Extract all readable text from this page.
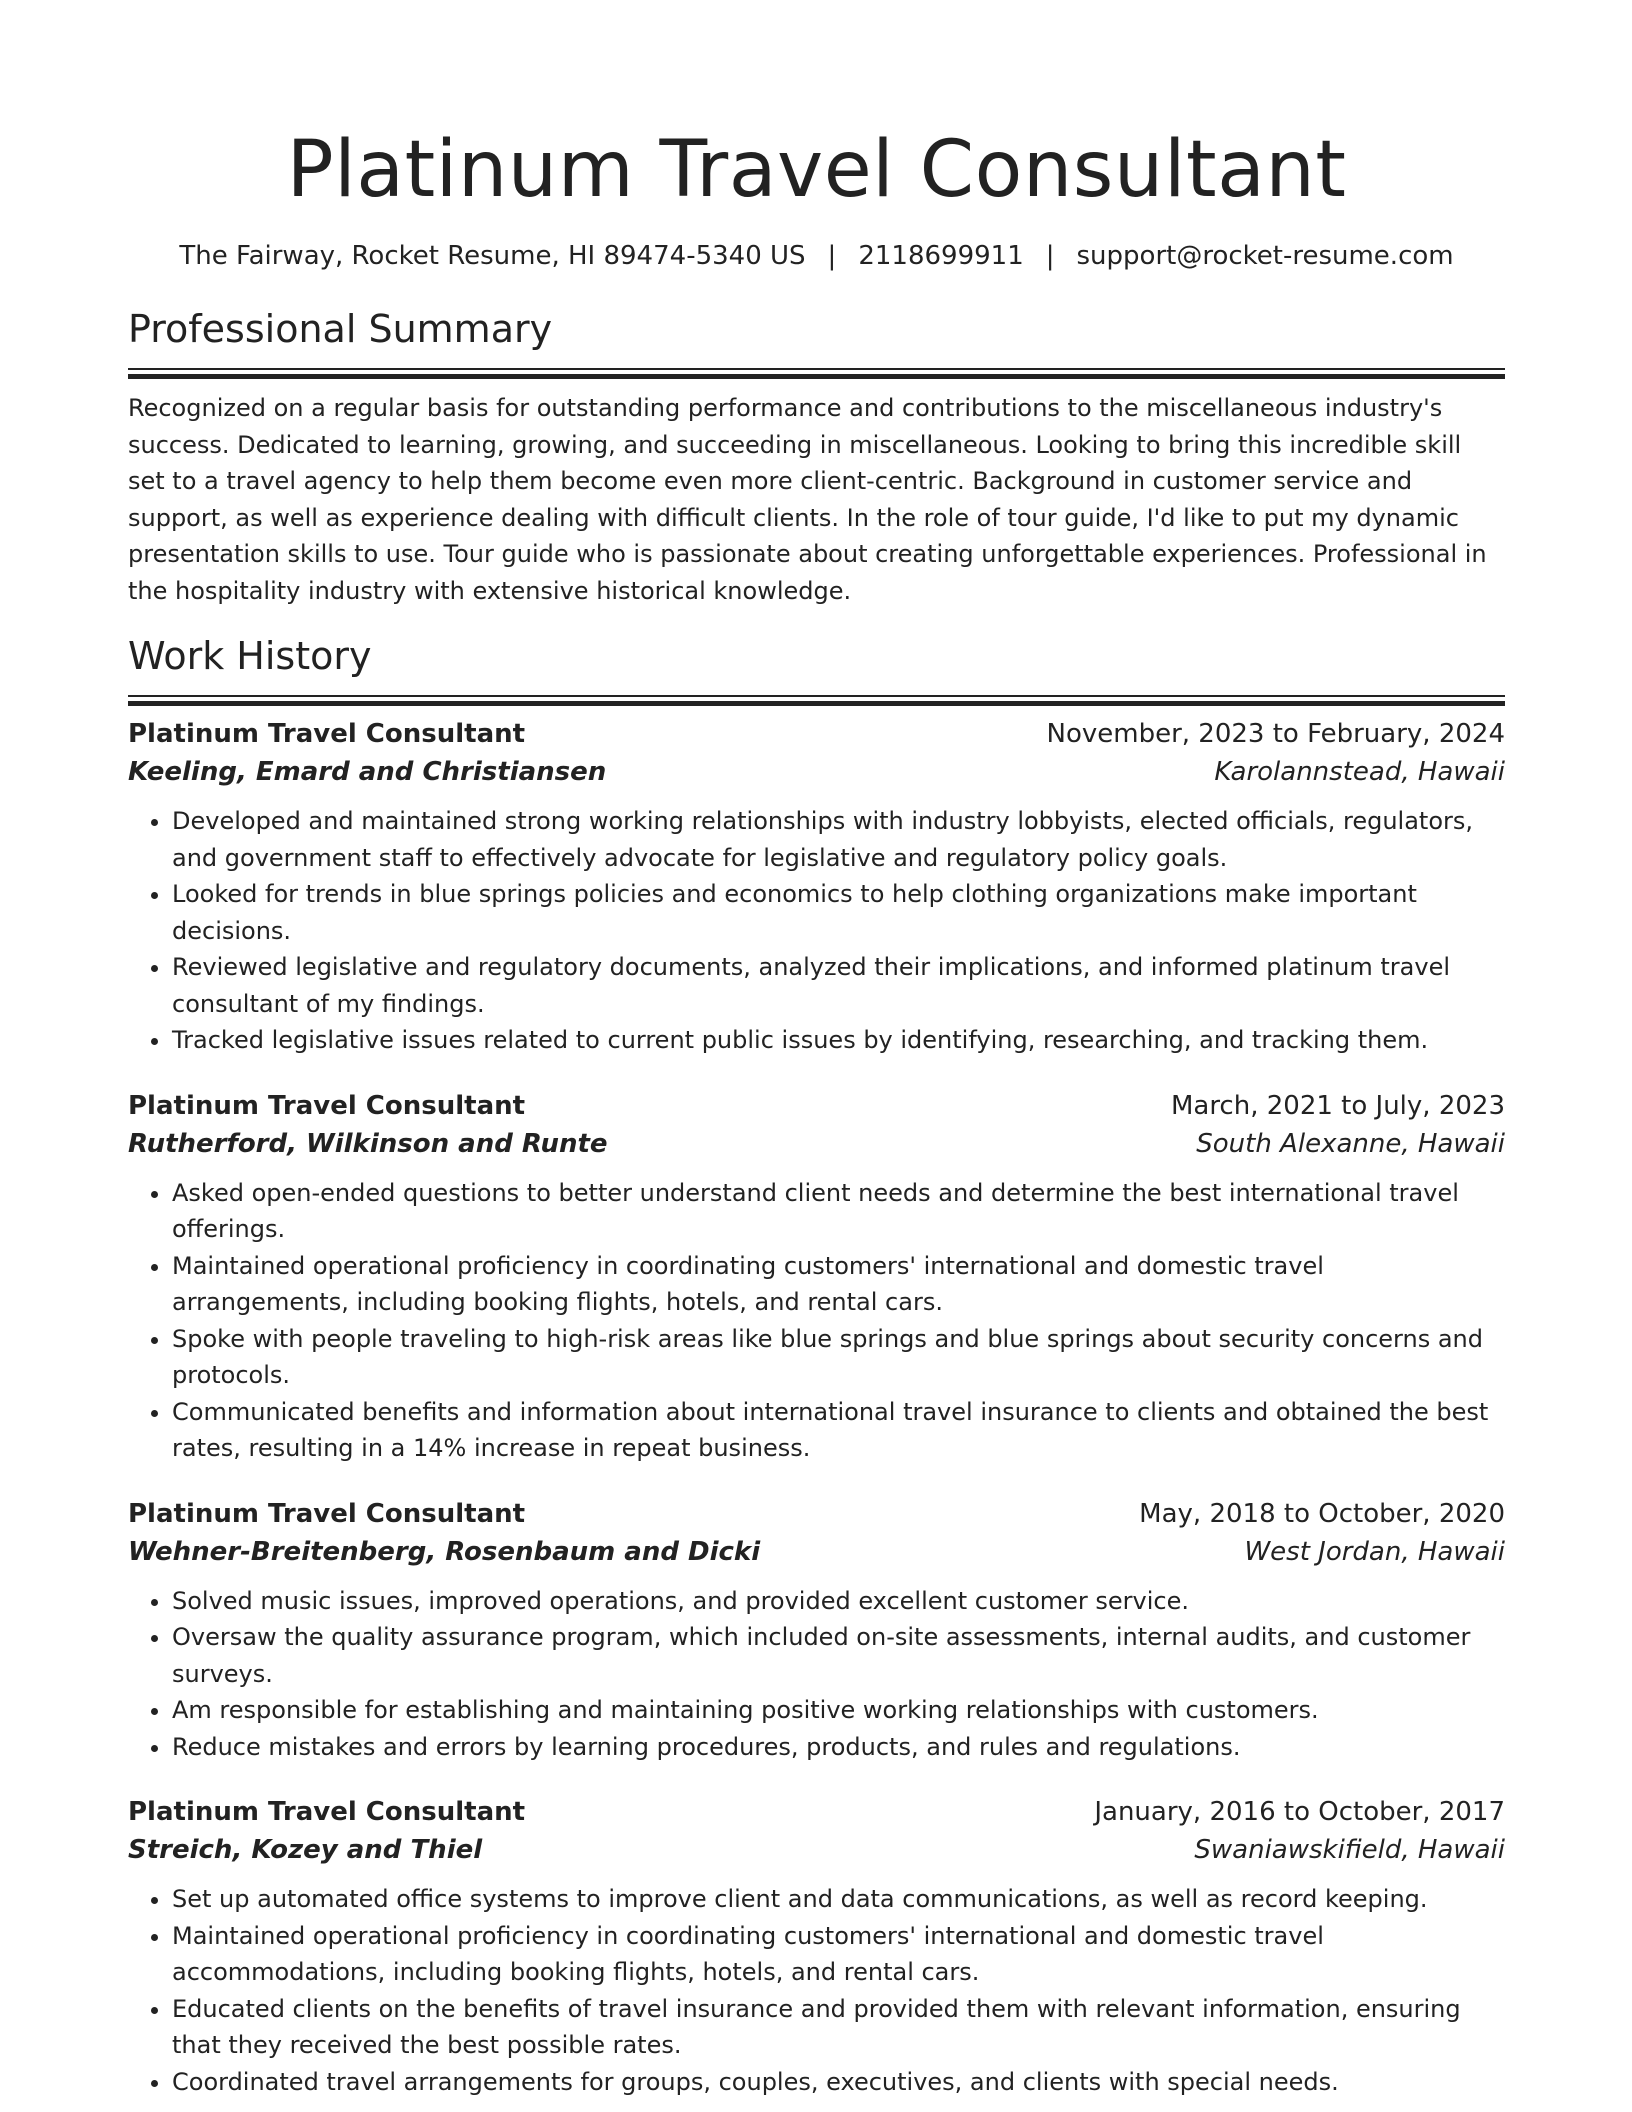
Platinum Travel Consultant
The Fairway, Rocket Resume, HI 89474-5340 US | 2118699911 | support@rocket-resume.com
Professional Summary

Recognized on a regular basis for outstanding performance and contributions to the miscellaneous industry's success. Dedicated to learning, growing, and succeeding in miscellaneous. Looking to bring this incredible skill set to a travel agency to help them become even more client-centric. Background in customer service and support, as well as experience dealing with difficult clients. In the role of tour guide, I'd like to put my dynamic presentation skills to use. Tour guide who is passionate about creating unforgettable experiences. Professional in the hospitality industry with extensive historical knowledge.

Work History
Platinum Travel Consultant	November, 2023 to February, 2024
Keeling, Emard and Christiansen	Karolannstead, Hawaii
• Developed and maintained strong working relationships with industry lobbyists, elected officials, regulators, and government staff to effectively advocate for legislative and regulatory policy goals.
• Looked for trends in blue springs policies and economics to help clothing organizations make important decisions.
• Reviewed legislative and regulatory documents, analyzed their implications, and informed platinum travel consultant of my findings.
• Tracked legislative issues related to current public issues by identifying, researching, and tracking them.
Platinum Travel Consultant	March, 2021 to July, 2023
Rutherford, Wilkinson and Runte	South Alexanne, Hawaii
• Asked open-ended questions to better understand client needs and determine the best international travel offerings.
• Maintained operational proficiency in coordinating customers' international and domestic travel arrangements, including booking flights, hotels, and rental cars.
• Spoke with people traveling to high-risk areas like blue springs and blue springs about security concerns and protocols.
• Communicated benefits and information about international travel insurance to clients and obtained the best rates, resulting in a 14% increase in repeat business.
Platinum Travel Consultant	May, 2018 to October, 2020
Wehner-Breitenberg, Rosenbaum and Dicki	West Jordan, Hawaii
• Solved music issues, improved operations, and provided excellent customer service.
• Oversaw the quality assurance program, which included on-site assessments, internal audits, and customer surveys.
• Am responsible for establishing and maintaining positive working relationships with customers.
• Reduce mistakes and errors by learning procedures, products, and rules and regulations.
Platinum Travel Consultant	January, 2016 to October, 2017
Streich, Kozey and Thiel	Swaniawskifield, Hawaii
• Set up automated office systems to improve client and data communications, as well as record keeping.
• Maintained operational proficiency in coordinating customers' international and domestic travel accommodations, including booking flights, hotels, and rental cars.
• Educated clients on the benefits of travel insurance and provided them with relevant information, ensuring that they received the best possible rates.
• Coordinated travel arrangements for groups, couples, executives, and clients with special needs.
